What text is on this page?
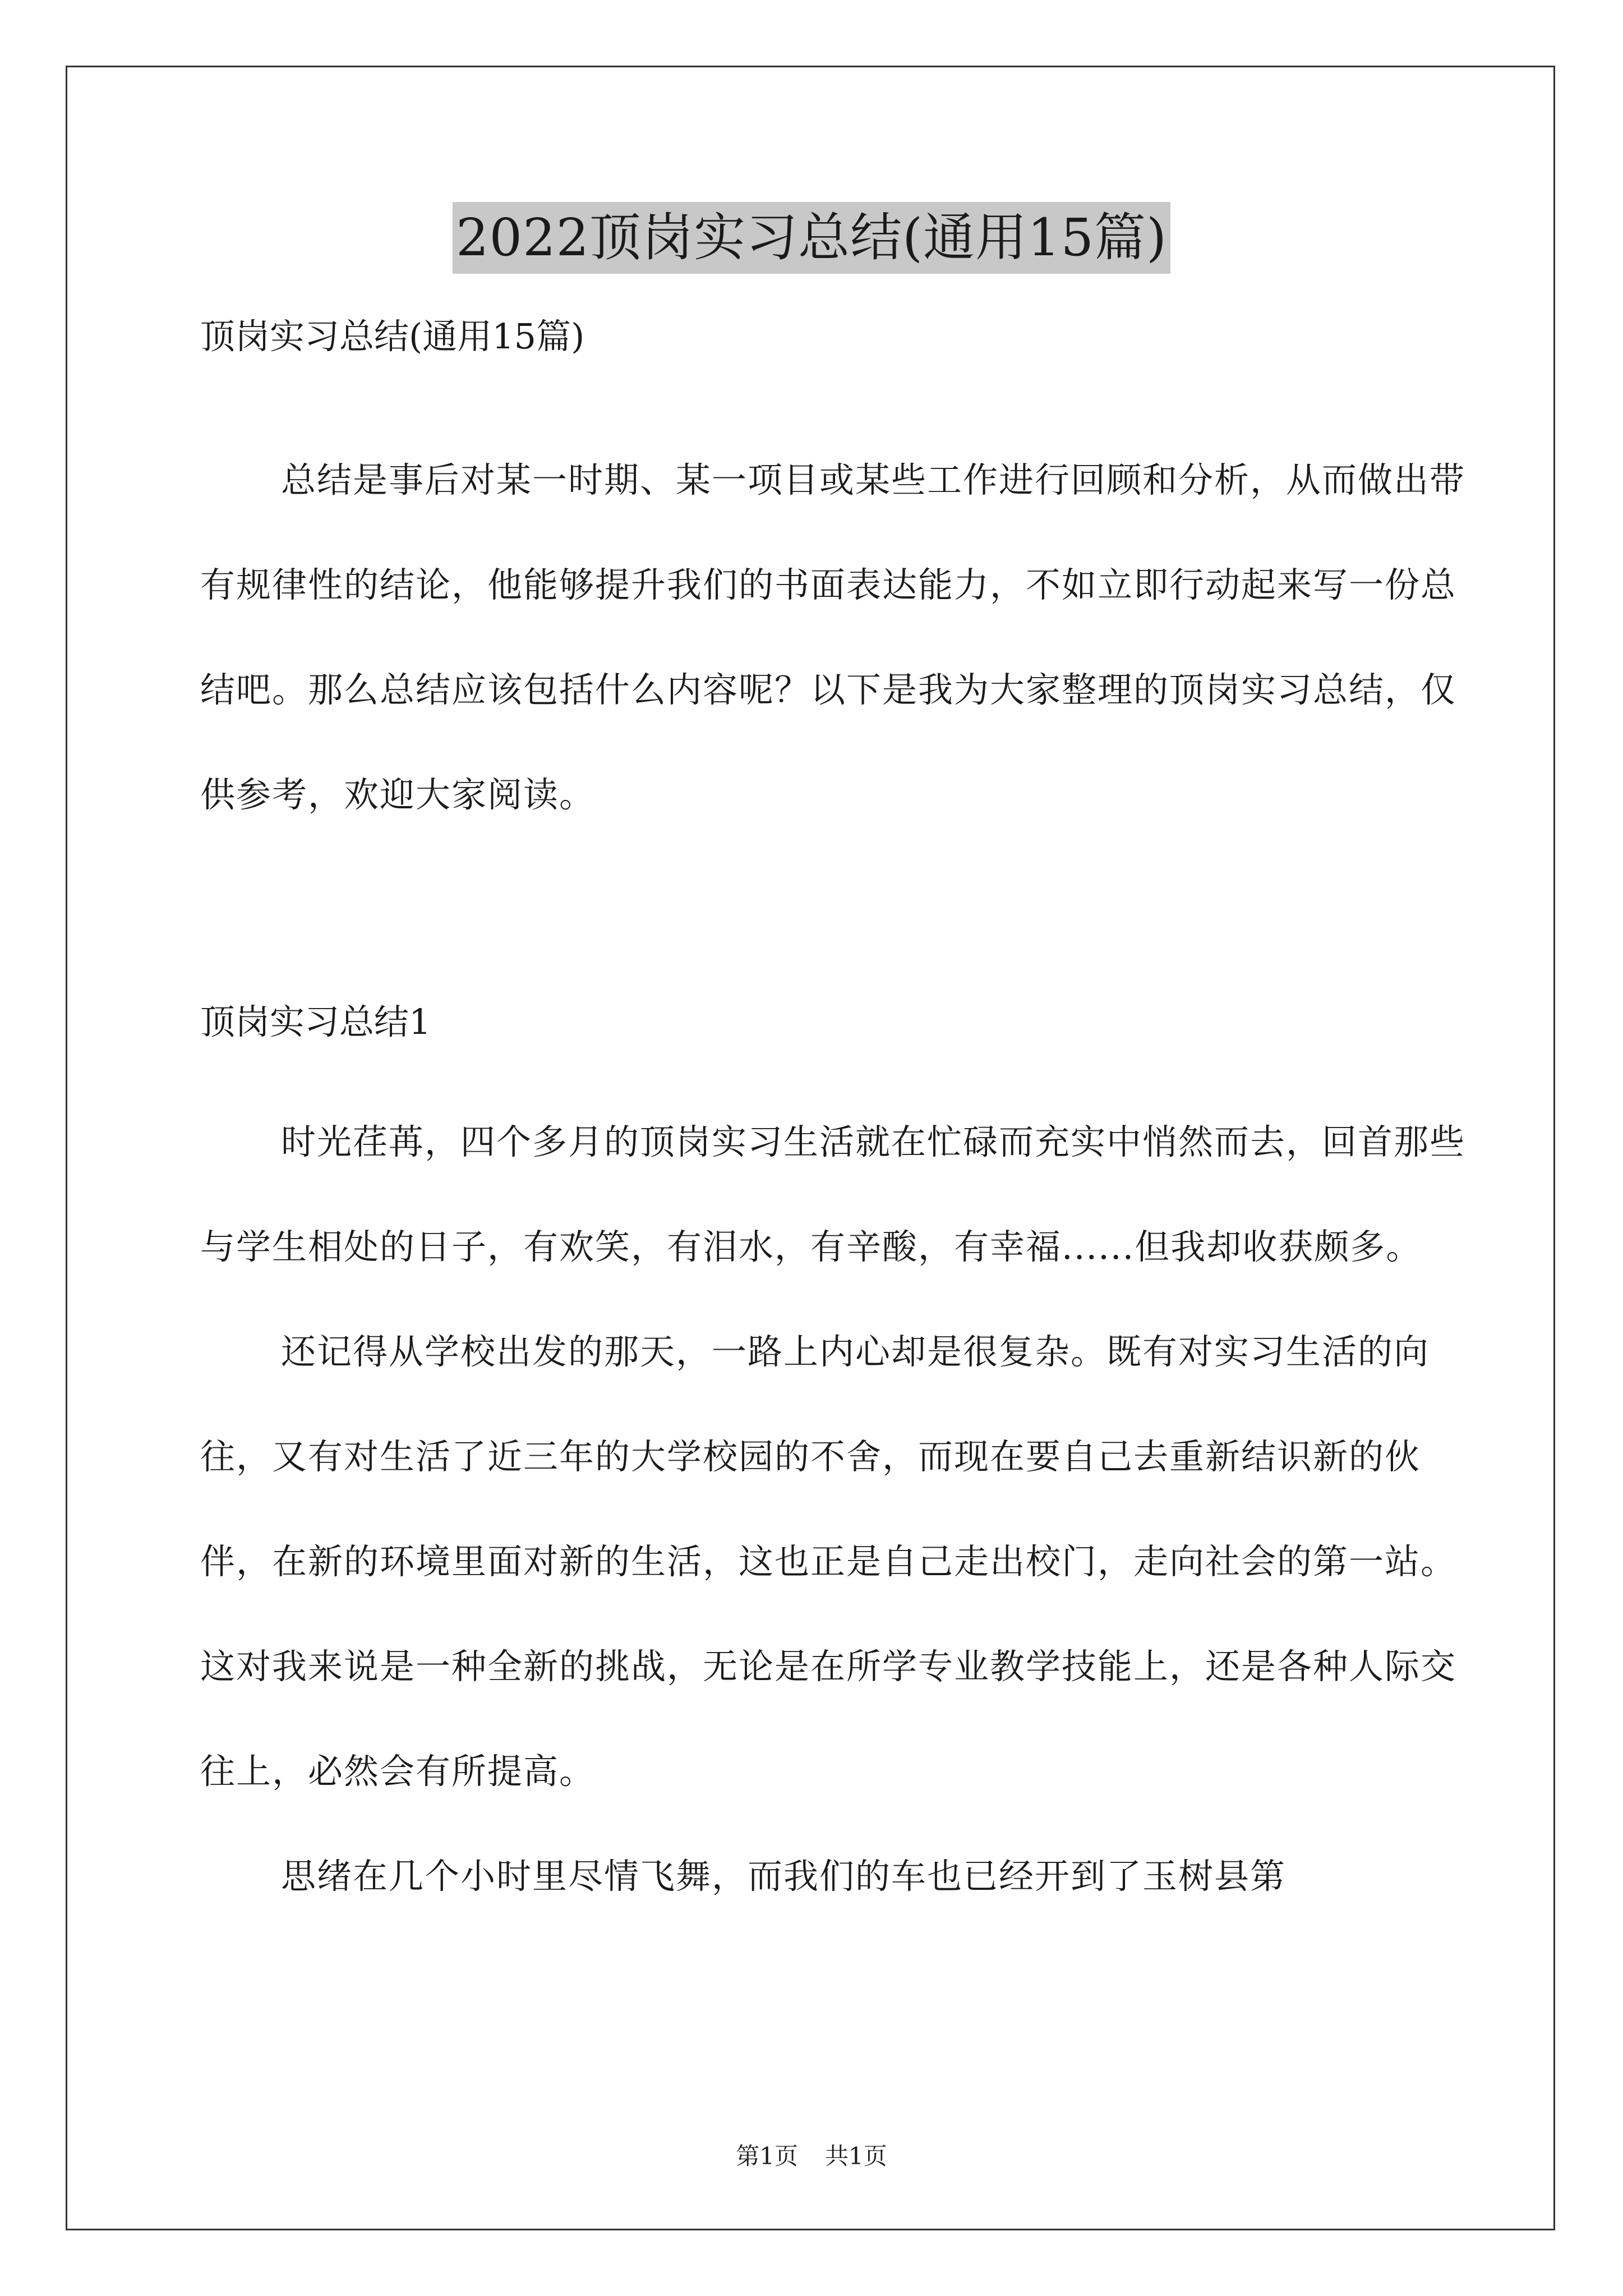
2022顶岗实习总结(通用15篇)
顶岗实习总结(通用15篇)

总结是事后对某一时期、某一项目或某些工作进行回顾和分析，从而做出带有规律性的结论，他能够提升我们的书面表达能力，不如立即行动起来写一份总结吧。那么总结应该包括什么内容呢？以下是我为大家整理的顶岗实习总结，仅供参考，欢迎大家阅读。

顶岗实习总结1

时光荏苒，四个多月的顶岗实习生活就在忙碌而充实中悄然而去，回首那些与学生相处的日子，有欢笑，有泪水，有辛酸，有幸福......但我却收获颇多。

还记得从学校出发的那天，一路上内心却是很复杂。既有对实习生活的向往，又有对生活了近三年的大学校园的不舍，而现在要自己去重新结识新的伙伴，在新的环境里面对新的生活，这也正是自己走出校门，走向社会的第一站。这对我来说是一种全新的挑战，无论是在所学专业教学技能上，还是各种人际交往上，必然会有所提高。

思绪在几个小时里尽情飞舞，而我们的车也已经开到了玉树县第

第1页 共1页
